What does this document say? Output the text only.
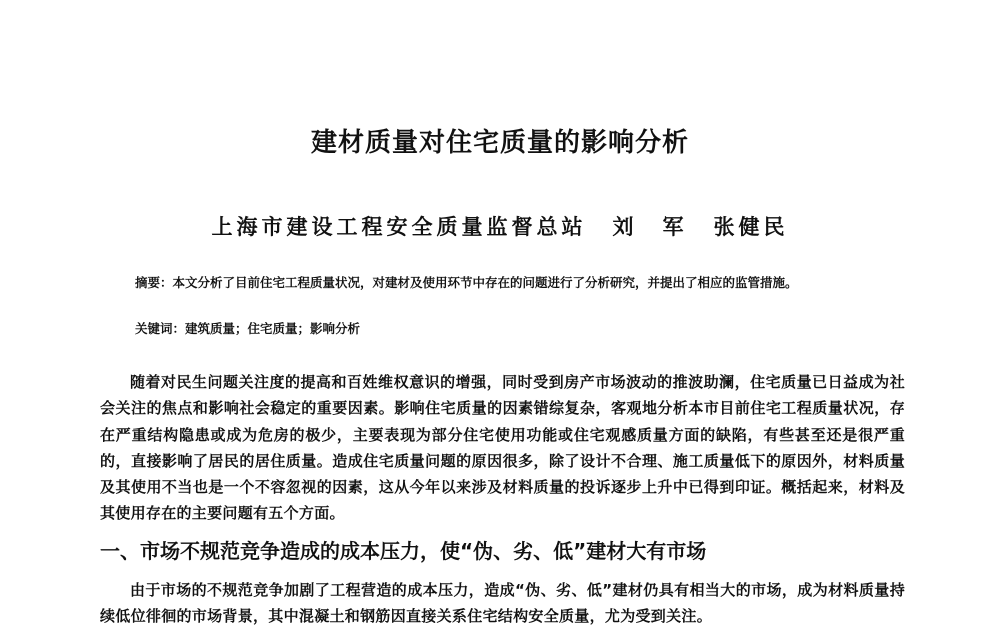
建材质量对住宅质量的影响分析
上海市建设工程安全质量监督总站 刘　军 张健民

摘要：本文分析了目前住宅工程质量状况，对建材及使用环节中存在的问题进行了分析研究，并提出了相应的监管措施。

关键词：建筑质量；住宅质量；影响分析

随着对民生问题关注度的提高和百姓维权意识的增强，同时受到房产市场波动的推波助澜，住宅质量已日益成为社会关注的焦点和影响社会稳定的重要因素。影响住宅质量的因素错综复杂，客观地分析本市目前住宅工程质量状况，存在严重结构隐患或成为危房的极少，主要表现为部分住宅使用功能或住宅观感质量方面的缺陷，有些甚至还是很严重的，直接影响了居民的居住质量。造成住宅质量问题的原因很多，除了设计不合理、施工质量低下的原因外，材料质量及其使用不当也是一个不容忽视的因素，这从今年以来涉及材料质量的投诉逐步上升中已得到印证。概括起来，材料及其使用存在的主要问题有五个方面。

一、市场不规范竞争造成的成本压力，使“伪、劣、低”建材大有市场

由于市场的不规范竞争加剧了工程营造的成本压力，造成“伪、劣、低”建材仍具有相当大的市场，成为材料质量持续低位徘徊的市场背景，其中混凝土和钢筋因直接关系住宅结构安全质量，尤为受到关注。
